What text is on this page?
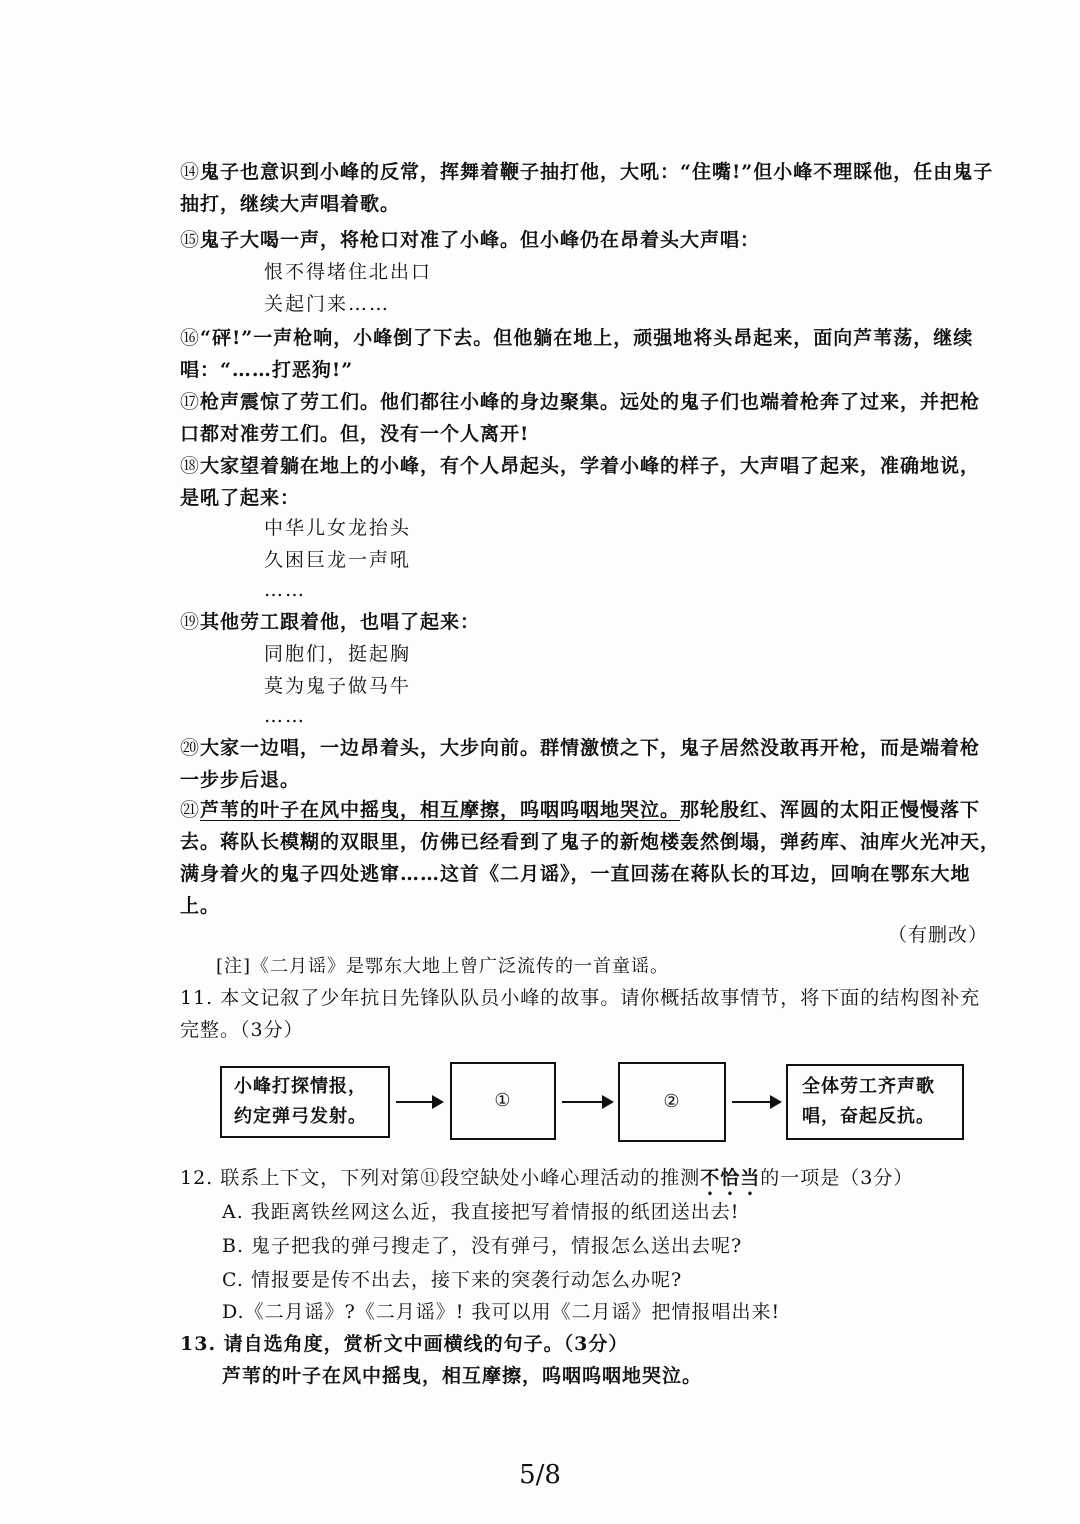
⑭鬼子也意识到小峰的反常，挥舞着鞭子抽打他，大吼：“住嘴!”但小峰不理睬他，任由鬼子抽打，继续大声唱着歌。
⑮鬼子大喝一声，将枪口对准了小峰。但小峰仍在昂着头大声唱：
恨不得堵住北出口
关起门来……
⑯“砰!”一声枪响，小峰倒了下去。但他躺在地上，顽强地将头昂起来，面向芦苇荡，继续唱：“……打恶狗!”
⑰枪声震惊了劳工们。他们都往小峰的身边聚集。远处的鬼子们也端着枪奔了过来，并把枪口都对准劳工们。但，没有一个人离开!
⑱大家望着躺在地上的小峰，有个人昂起头，学着小峰的样子，大声唱了起来，准确地说，是吼了起来：
中华儿女龙抬头
久困巨龙一声吼
……
⑲其他劳工跟着他，也唱了起来：
同胞们，挺起胸
莫为鬼子做马牛
……
⑳大家一边唱，一边昂着头，大步向前。群情激愤之下，鬼子居然没敢再开枪，而是端着枪一步步后退。
㉑芦苇的叶子在风中摇曳，相互摩擦，呜咽呜咽地哭泣。那轮殷红、浑圆的太阳正慢慢落下去。蒋队长模糊的双眼里，仿佛已经看到了鬼子的新炮楼轰然倒塌，弹药库、油库火光冲天，满身着火的鬼子四处逃窜……这首《二月谣》，一直回荡在蒋队长的耳边，回响在鄂东大地上。
（有删改）
[注]《二月谣》是鄂东大地上曾广泛流传的一首童谣。
11. 本文记叙了少年抗日先锋队队员小峰的故事。请你概括故事情节，将下面的结构图补充完整。（3分）
小峰打探情报，约定弹弓发射。
①	②
全体劳工齐声歌唱，奋起反抗。
12. 联系上下文，下列对第⑪段空缺处小峰心理活动的推测不恰当的一项是（3分）
A. 我距离铁丝网这么近，我直接把写着情报的纸团送出去!
B. 鬼子把我的弹弓搜走了，没有弹弓，情报怎么送出去呢?
C. 情报要是传不出去，接下来的突袭行动怎么办呢?
D.《二月谣》?《二月谣》! 我可以用《二月谣》把情报唱出来!
13. 请自选角度，赏析文中画横线的句子。（3分）
芦苇的叶子在风中摇曳，相互摩擦，呜咽呜咽地哭泣。
5/8
